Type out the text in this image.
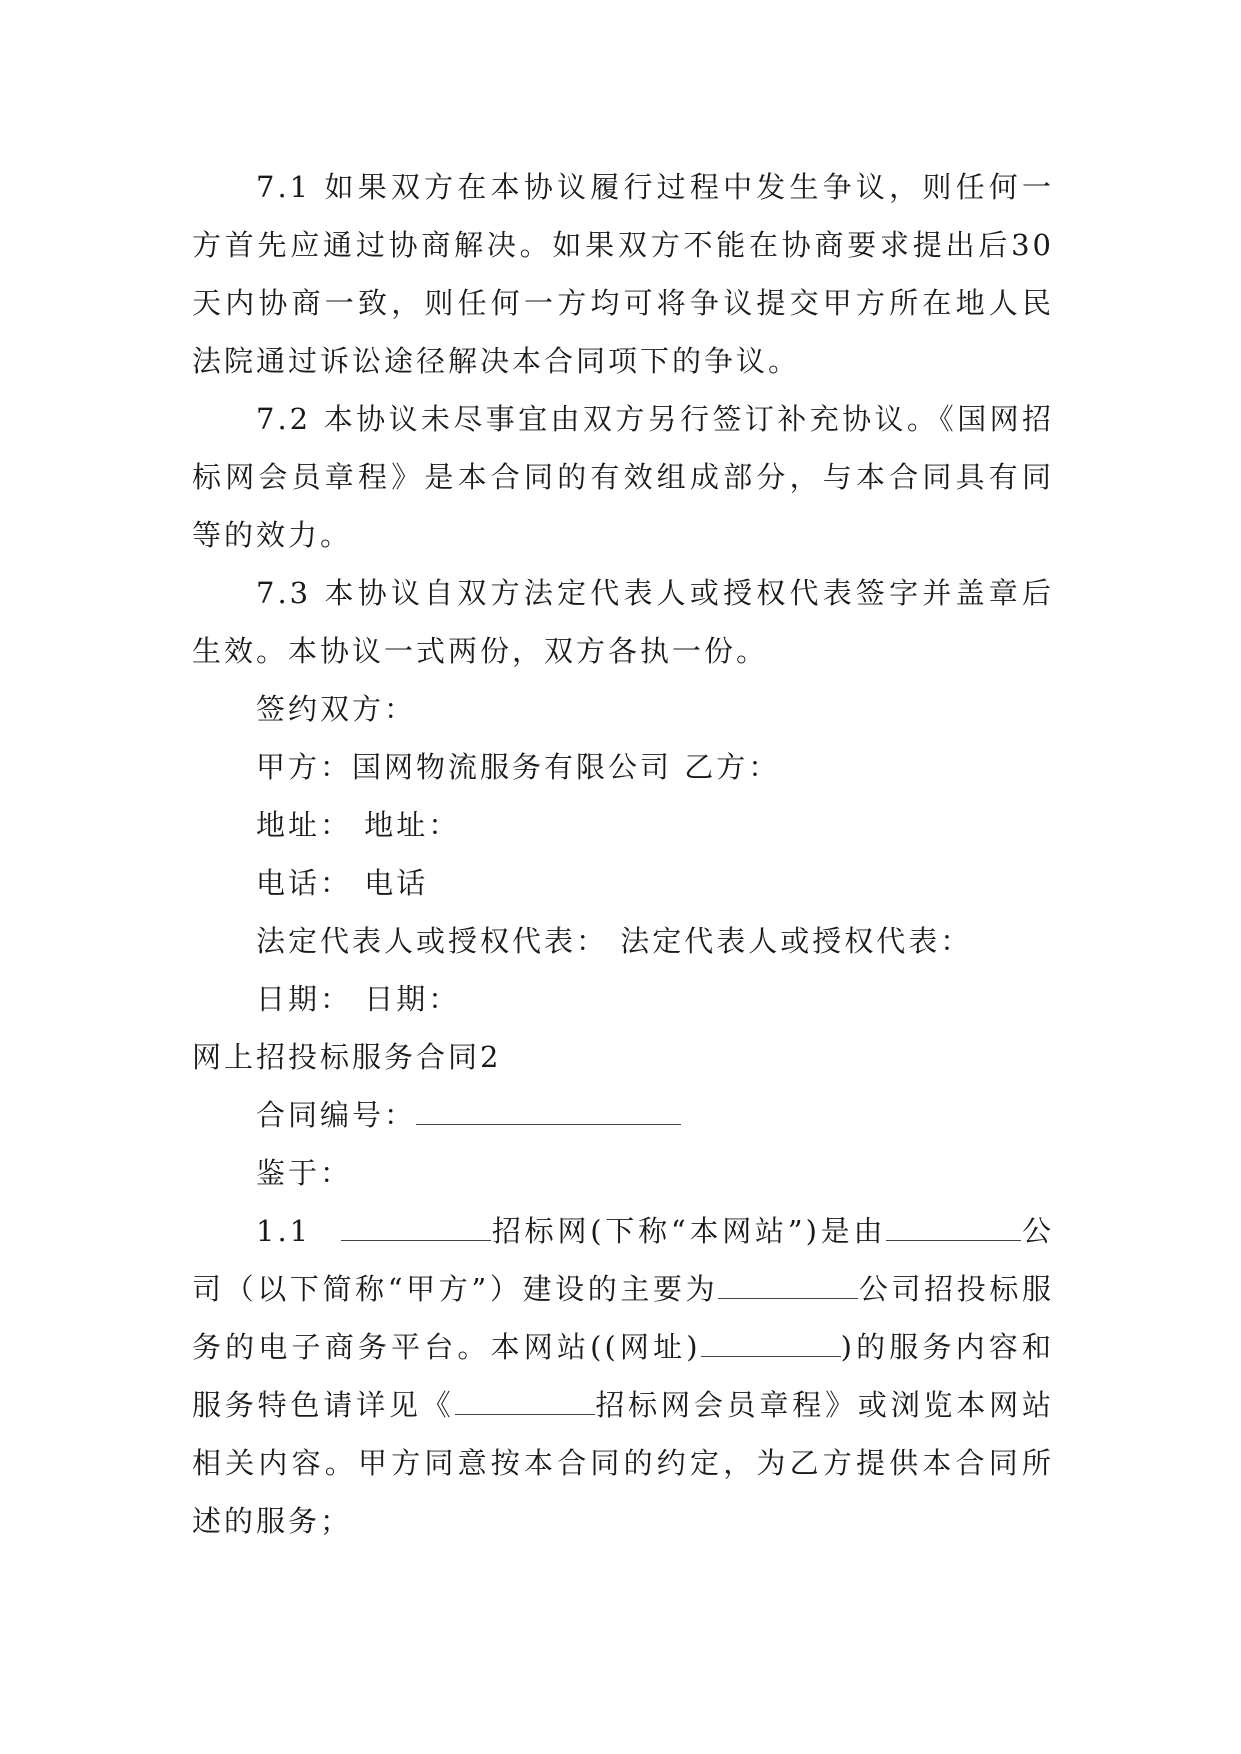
7.1 如果双方在本协议履行过程中发生争议，则任何一方首先应通过协商解决。如果双方不能在协商要求提出后30天内协商一致，则任何一方均可将争议提交甲方所在地人民法院通过诉讼途径解决本合同项下的争议。

7.2 本协议未尽事宜由双方另行签订补充协议。《国网招标网会员章程》是本合同的有效组成部分，与本合同具有同等的效力。

7.3 本协议自双方法定代表人或授权代表签字并盖章后生效。本协议一式两份，双方各执一份。

签约双方：

甲方：国网物流服务有限公司 乙方：

地址： 地址：

电话： 电话

法定代表人或授权代表： 法定代表人或授权代表：

日期： 日期：

网上招投标服务合同2

合同编号：

鉴于：

1.1	招标网(下称“本网站”)是由	公司（以下简称“甲方”）建设的主要为	公司招投标服务的电子商务平台。本网站((网址)	)的服务内容和服务特色请详见《	招标网会员章程》或浏览本网站相关内容。甲方同意按本合同的约定，为乙方提供本合同所述的服务；
